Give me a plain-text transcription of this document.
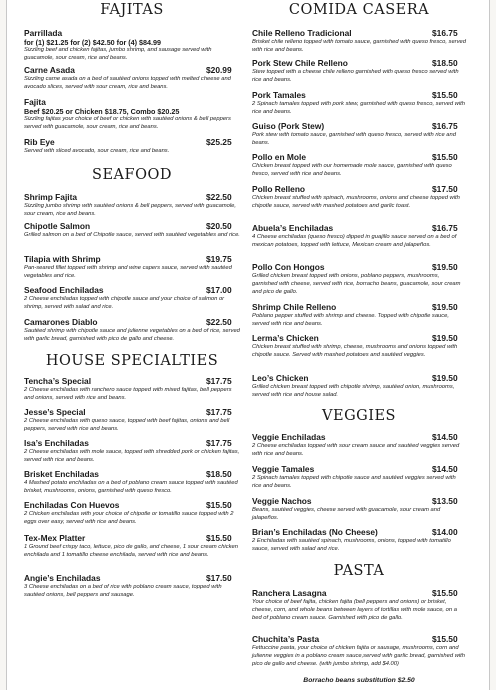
FAJITAS
Parrillada
for (1) $21.25 for (2) $42.50 for (4) $84.99
Sizzling beef and chicken fajitas, jumbo shrimp, and sausage served with guacamole, sour cream, rice and beans.
Carne Asada	$20.99
Sizzling carne asada on a bed of sautéed onions topped with melted cheese and avocado slices, served with sour cream, rice and beans.
Fajita
Beef $20.25 or Chicken $18.75, Combo $20.25
Sizzling fajitas your choice of beef or chicken with sautéed onions & bell peppers served with guacamole, sour cream, rice and beans.
Rib Eye	$25.25
Served with sliced avocado, sour cream, rice and beans.
SEAFOOD
Shrimp Fajita	$22.50
Sizzling jumbo shrimp with sautéed onions & bell peppers, served with guacamole, sour cream, rice and beans.
Chipotle Salmon	$20.50
Grilled salmon on a bed of Chipotle sauce, served with sautéed vegetables and rice.
Tilapia with Shrimp	$19.75
Pan-seared fillet topped with shrimp and wine capers sauce, served with sautéed vegetables and rice.
Seafood Enchiladas	$17.00
2 Cheese enchiladas topped with chipotle sauce and your choice of salmon or shrimp, served with salad and rice.
Camarones Diablo	$22.50
Sautéed shrimp with chipotle sauce and julienne vegetables on a bed of rice, served with garlic bread, garnished with pico de gallo and cheese.
HOUSE SPECIALTIES
Tencha’s Special	$17.75
2 Cheese enchiladas with ranchero sauce topped with mixed fajitas, bell peppers and onions, served with rice and beans.
Jesse’s Special	$17.75
2 Cheese enchiladas with queso sauce, topped with beef fajitas, onions and bell peppers, served with rice and beans.
Isa’s Enchiladas	$17.75
2 Cheese enchiladas with mole sauce, topped with shredded pork or chicken fajitas, served with rice and beans.
Brisket Enchiladas	$18.50
4 Mashed potato enchiladas on a bed of poblano cream sauce topped with sautéed brisket, mushrooms, onions, garnished with queso fresco.
Enchiladas Con Huevos	$15.50
2 Chicken enchiladas with your choice of chipotle or tomatillo sauce topped with 2 eggs over easy, served with rice and beans.
Tex-Mex Platter	$15.50
1 Ground beef crispy taco, lettuce, pico de gallo, and cheese, 1 sour cream chicken enchilada and 1 tomatillo cheese enchilada, served with rice and beans.
Angie’s Enchiladas	$17.50
3 Cheese enchiladas on a bed of rice with poblano cream sauce, topped with sautéed onions, bell peppers and sausage.
COMIDA CASERA
Chile Relleno Tradicional	$16.75
Brisket chile relleno topped with tomato sauce, garnished with queso fresco, served with rice and beans.
Pork Stew Chile Relleno	$18.50
Stew topped with a cheese chile relleno garnished with queso fresco served with rice and beans.
Pork Tamales	$15.50
2 Spinach tamales topped with pork stew, garnished with queso fresco, served with rice and beans.
Guiso (Pork Stew)	$16.75
Pork stew with tomato sauce, garnished with queso fresco, served with rice and beans.
Pollo en Mole	$15.50
Chicken breast topped with our homemade mole sauce, garnished with queso fresco, served with rice and beans.
Pollo Relleno	$17.50
Chicken breast stuffed with spinach, mushrooms, onions and cheese topped with chipotle sauce, served with mashed potatoes and garlic toast.
Abuela’s Enchiladas	$16.75
4 Cheese enchiladas (queso fresco) dipped in guajillo sauce served on a bed of mexican potatoes, topped with lettuce, Mexican cream and jalapeños.
Pollo Con Hongos	$19.50
Grilled chicken breast topped with onions, poblano peppers, mushrooms, garnished with cheese, served with rice, borracho beans, guacamole, sour cream and pico de gallo.
Shrimp Chile Relleno	$19.50
Poblano pepper stuffed with shrimp and cheese. Topped with chipotle sauce, served with rice and beans.
Lerma’s Chicken	$19.50
Chicken breast stuffed with shrimp, cheese, mushrooms and onions topped with chipotle sauce. Served with mashed potatoes and sautéed veggies.
Leo’s Chicken	$19.50
Grilled chicken breast topped with chipotle shrimp, sautéed onion, mushrooms, served with rice and house salad.
VEGGIES
Veggie Enchiladas	$14.50
2 Cheese enchiladas topped with sour cream sauce and sautéed veggies served with rice and beans.
Veggie Tamales	$14.50
2 Spinach tamales topped with chipotle sauce and sautéed veggies served with rice and beans.
Veggie Nachos	$13.50
Beans, sautéed veggies, cheese served with guacamole, sour cream and jalapeños.
Brian’s Enchiladas (No Cheese)	$14.00
2 Enchiladas with sautéed spinach, mushrooms, onions, topped with tomatillo sauce, served with salad and rice.
PASTA
Ranchera Lasagna	$15.50
Your choice of beef fajita, chicken fajita (bell peppers and onions) or brisket, cheese, corn, and whole beans between layers of tortillas with mole sauce, on a bed of poblano cream sauce. Garnished with pico de gallo.
Chuchita’s Pasta	$15.50
Fettuccine pasta, your choice of chicken fajita or sausage, mushrooms, corn and julienne veggies in a poblano cream sauce,served with garlic bread, garnished with pico de gallo and cheese. (with jumbo shrimp, add $4.00)
Borracho beans substitution $2.50
